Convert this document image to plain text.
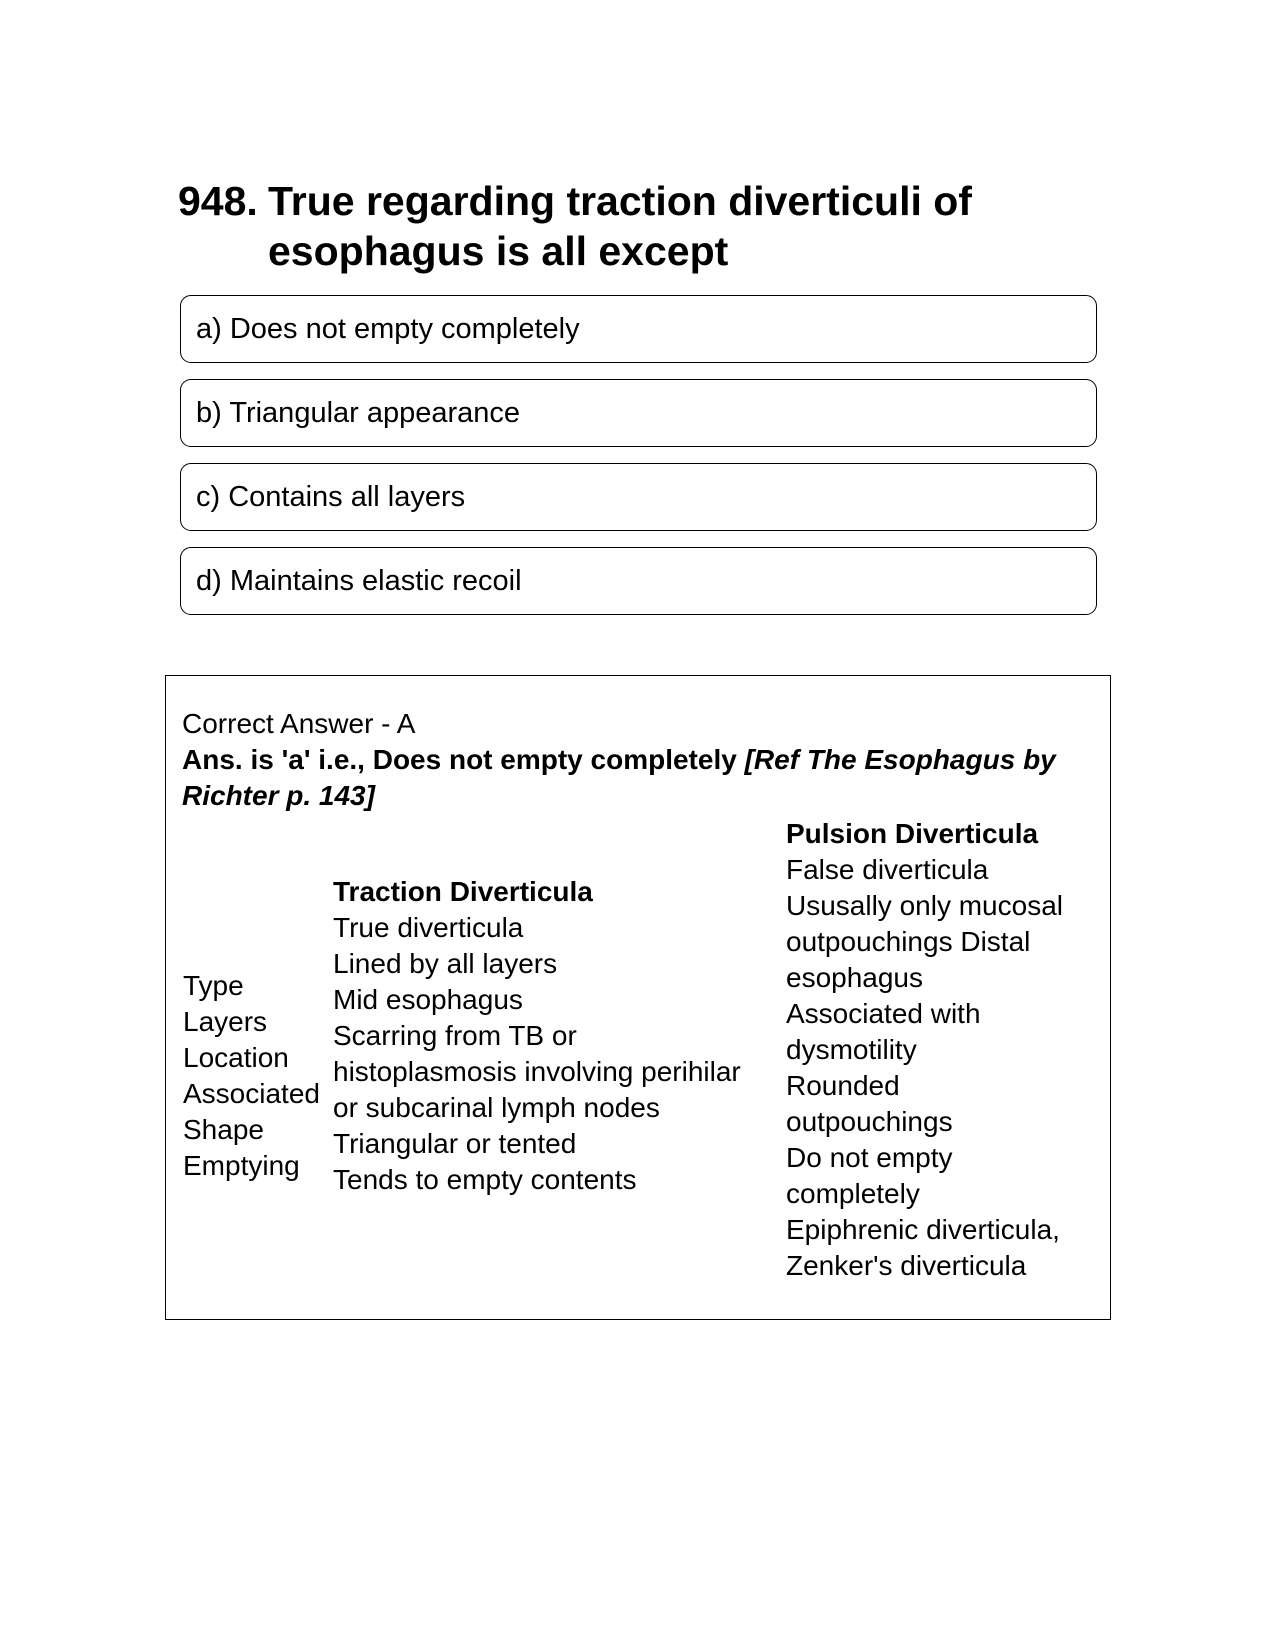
948. True regarding traction diverticuli of esophagus is all except
a) Does not empty completely
b) Triangular appearance
c) Contains all layers
d) Maintains elastic recoil
Correct Answer - A
Ans. is 'a' i.e., Does not empty completely [Ref The Esophagus by Richter p. 143]
Type
Layers
Location
Associated
Shape
Emptying
Traction Diverticula
True diverticula
Lined by all layers
Mid esophagus
Scarring from TB or
histoplasmosis involving perihilar
or subcarinal lymph nodes
Triangular or tented
Tends to empty contents
Pulsion Diverticula
False diverticula
Ususally only mucosal
outpouchings Distal
esophagus
Associated with
dysmotility
Rounded
outpouchings
Do not empty
completely
Epiphrenic diverticula,
Zenker's diverticula
